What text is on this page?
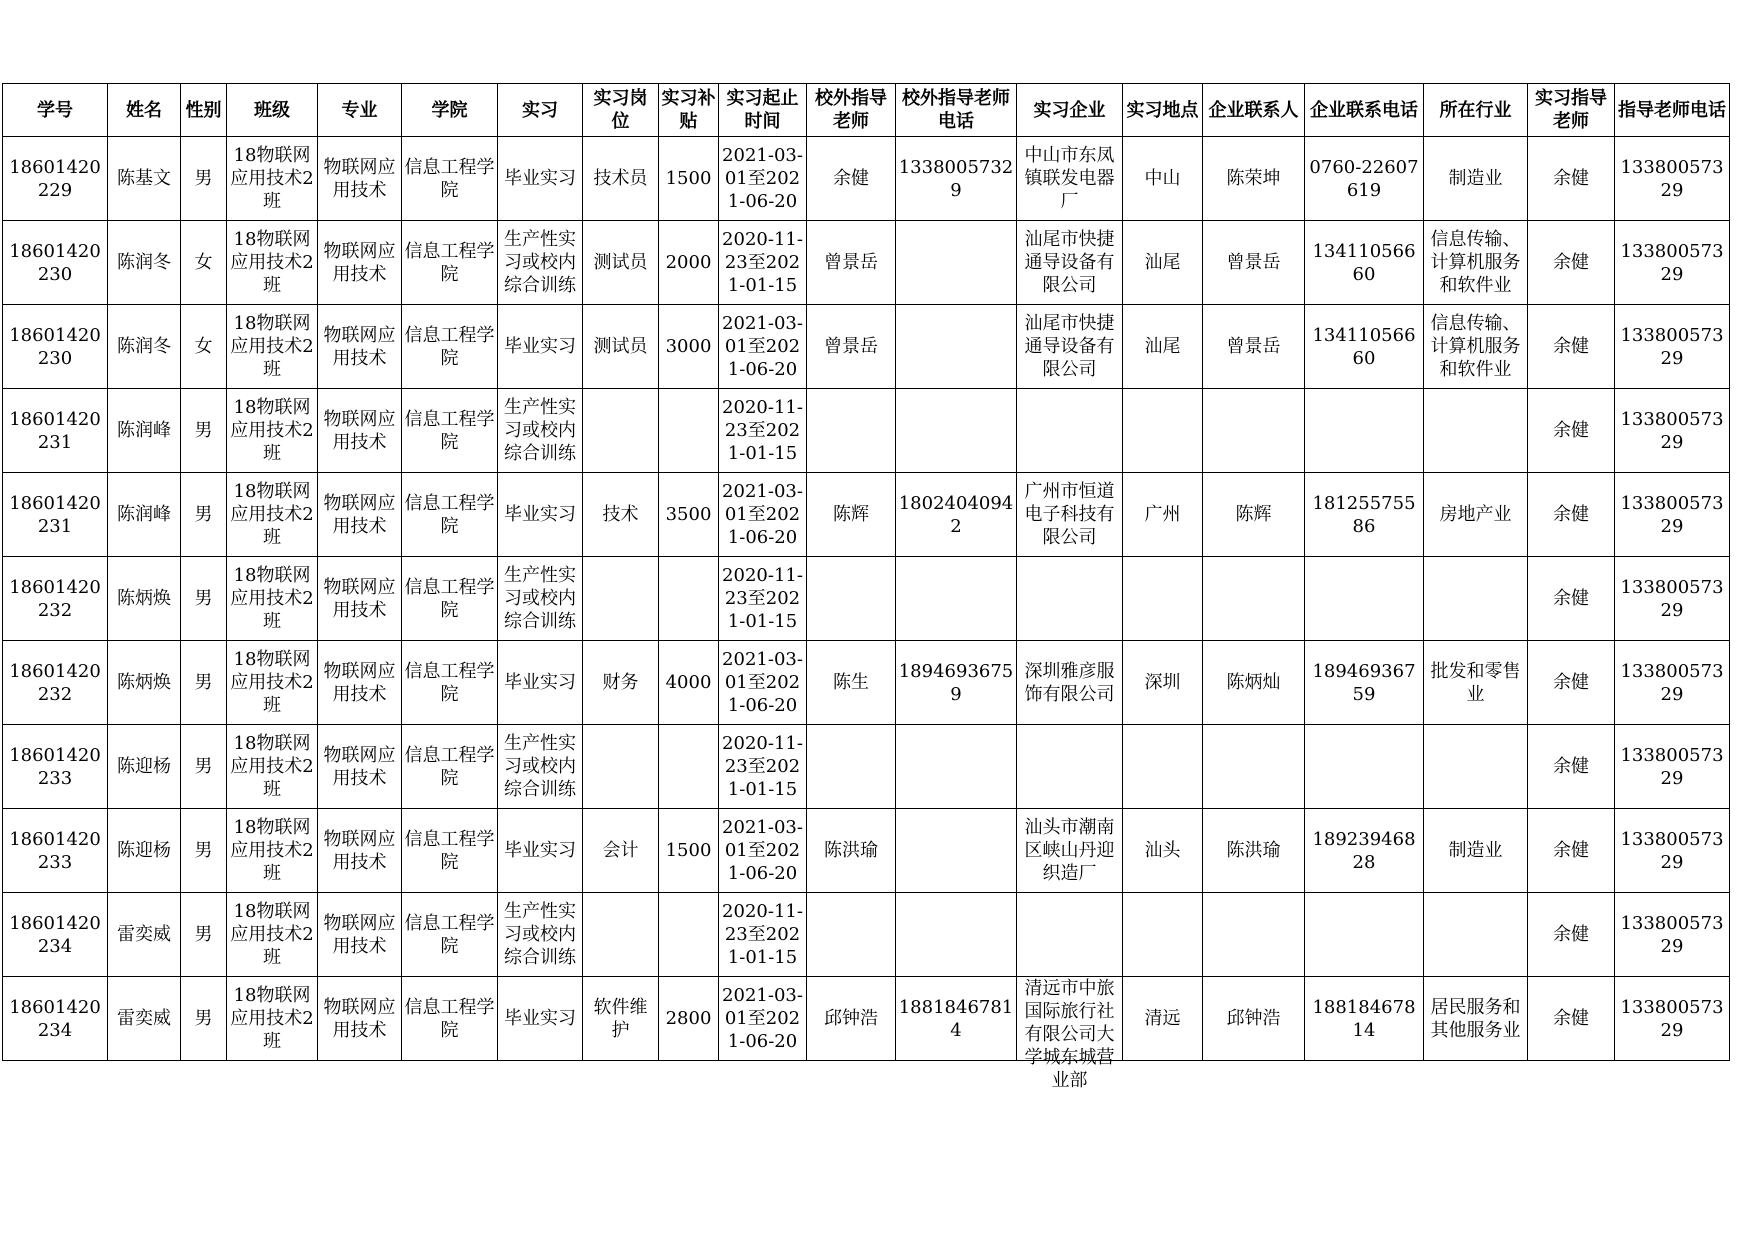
学号	姓名	性别	班级	专业	学院	实习	实习岗位	实习补贴	实习起止时间	校外指导老师	校外指导老师电话	实习企业	实习地点	企业联系人	企业联系电话	所在行业	实习指导老师	指导老师电话

18601420229	陈基文	男	18物联网应用技术2班	物联网应用技术	信息工程学院	毕业实习	技术员	1500	2021-03-01至2021-06-20	余健	13380057329	中山市东凤镇联发电器厂	中山	陈荣坤	0760-22607619	制造业	余健	13380057329

18601420230	陈润冬	女	18物联网应用技术2班	物联网应用技术	信息工程学院	生产性实习或校内综合训练	测试员	2000	2020-11-23至2021-01-15	曾景岳		汕尾市快捷通导设备有限公司	汕尾	曾景岳	13411056660	信息传输、计算机服务和软件业	余健	13380057329

18601420230	陈润冬	女	18物联网应用技术2班	物联网应用技术	信息工程学院	毕业实习	测试员	3000	2021-03-01至2021-06-20	曾景岳		汕尾市快捷通导设备有限公司	汕尾	曾景岳	13411056660	信息传输、计算机服务和软件业	余健	13380057329

18601420231	陈润峰	男	18物联网应用技术2班	物联网应用技术	信息工程学院	生产性实习或校内综合训练			2020-11-23至2021-01-15								余健	13380057329

18601420231	陈润峰	男	18物联网应用技术2班	物联网应用技术	信息工程学院	毕业实习	技术	3500	2021-03-01至2021-06-20	陈辉	18024040942	广州市恒道电子科技有限公司	广州	陈辉	18125575586	房地产业	余健	13380057329

18601420232	陈炳焕	男	18物联网应用技术2班	物联网应用技术	信息工程学院	生产性实习或校内综合训练			2020-11-23至2021-01-15								余健	13380057329

18601420232	陈炳焕	男	18物联网应用技术2班	物联网应用技术	信息工程学院	毕业实习	财务	4000	2021-03-01至2021-06-20	陈生	18946936759	深圳雅彦服饰有限公司	深圳	陈炳灿	18946936759	批发和零售业	余健	13380057329

18601420233	陈迎杨	男	18物联网应用技术2班	物联网应用技术	信息工程学院	生产性实习或校内综合训练			2020-11-23至2021-01-15								余健	13380057329

18601420233	陈迎杨	男	18物联网应用技术2班	物联网应用技术	信息工程学院	毕业实习	会计	1500	2021-03-01至2021-06-20	陈洪瑜		汕头市潮南区峡山丹迎织造厂	汕头	陈洪瑜	18923946828	制造业	余健	13380057329

18601420234	雷奕威	男	18物联网应用技术2班	物联网应用技术	信息工程学院	生产性实习或校内综合训练			2020-11-23至2021-01-15								余健	13380057329

18601420234	雷奕威	男	18物联网应用技术2班	物联网应用技术	信息工程学院	毕业实习	软件维护	2800	2021-03-01至2021-06-20	邱钟浩	18818467814	清远市中旅国际旅行社有限公司大学城东城营业部	清远	邱钟浩	18818467814	居民服务和其他服务业	余健	13380057329
